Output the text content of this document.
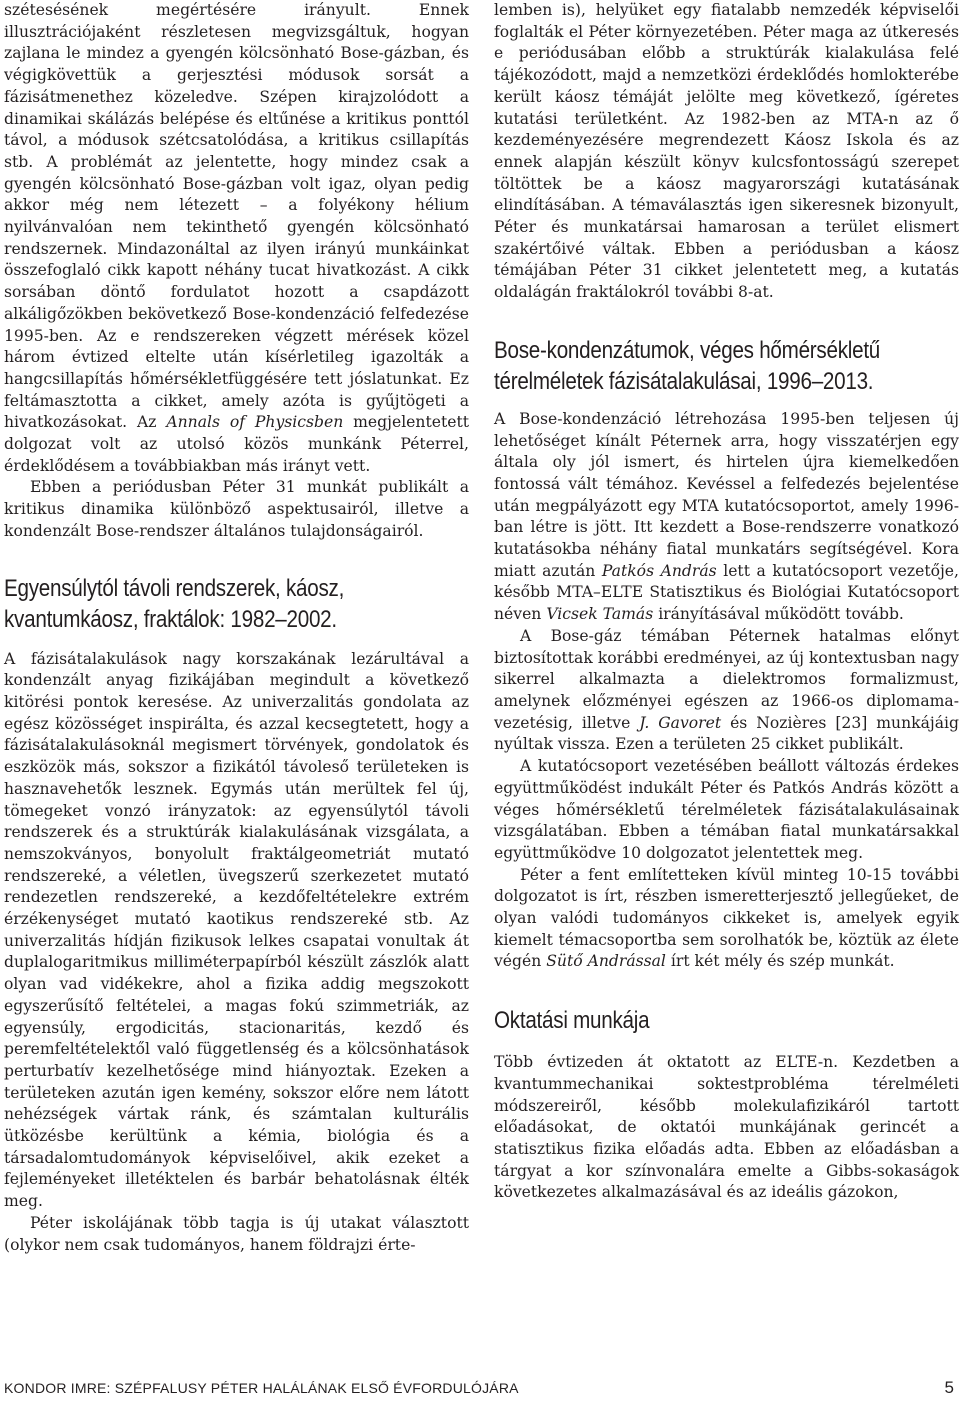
szétesésének megértésére irányult. Ennek illusztrációjaként részletesen megvizsgáltuk, hogyan zajlana le mindez a gyengén kölcsönható Bose-gázban, és végigkövettük a gerjesztési módusok sorsát a fázisátmenethez közeledve. Szépen kirajzolódott a dinamikai skálázás belépése és eltűnése a kritikus ponttól távol, a módusok szétcsatolódása, a kritikus csillapítás stb. A problémát az jelentette, hogy mindez csak a gyengén kölcsönható Bose-gázban volt igaz, olyan pedig akkor még nem létezett – a folyékony hélium nyilvánvalóan nem tekinthető gyengén kölcsönható rendszernek. Mindazonáltal az ilyen irányú munkáinkat összefoglaló cikk kapott néhány tucat hivatkozást. A cikk sorsában döntő fordulatot hozott a csapdázott alkáligőzökben bekövetkező Bose-kondenzáció felfedezése 1995-ben. Az e rendszereken végzett mérések közel három évtized eltelte után kísérletileg igazolták a hangcsillapítás hőmérsékletfüggésére tett jóslatunkat. Ez feltámasztotta a cikket, amely azóta is gyűjtögeti a hivatkozásokat. Az Annals of Physicsben megjelentetett dolgozat volt az utolsó közös munkánk Péterrel, érdeklődésem a továbbiakban más irányt vett.

Ebben a periódusban Péter 31 munkát publikált a kritikus dinamika különböző aspektusairól, illetve a kondenzált Bose-rendszer általános tulajdonságairól.

Egyensúlytól távoli rendszerek, káosz,
kvantumkáosz, fraktálok: 1982–2002.

A fázisátalakulások nagy korszakának lezárultával a kondenzált anyag fizikájában megindult a következő kitörési pontok keresése. Az univerzalitás gondolata az egész közösséget inspirálta, és azzal kecsegtetett, hogy a fázisátalakulásoknál megismert törvények, gondolatok és eszközök más, sokszor a fizikától távoleső területeken is hasznavehetők lesznek. Egymás után merültek fel új, tömegeket vonzó irányzatok: az egyensúlytól távoli rendszerek és a struktúrák kialakulásának vizsgálata, a nemszokványos, bonyolult fraktálgeometriát mutató rendszereké, a véletlen, üvegszerű szerkezetet mutató rendezetlen rendszereké, a kezdőfeltételekre extrém érzékenységet mutató kaotikus rendszereké stb. Az univerzalitás hídján fizikusok lelkes csapatai vonultak át duplalogaritmikus milliméterpapírból készült zászlók alatt olyan vad vidékekre, ahol a fizika addig megszokott egyszerűsítő feltételei, a magas fokú szimmetriák, az egyensúly, ergodicitás, stacionaritás, kezdő és peremfeltételektől való függetlenség és a kölcsönhatások perturbatív kezelhetősége mind hiányoztak. Ezeken a területeken azután igen kemény, sokszor előre nem látott nehézségek vártak ránk, és számtalan kulturális ütközésbe kerültünk a kémia, biológia és a társadalomtudományok képviselőivel, akik ezeket a fejleményeket illetéktelen és barbár behatolásnak élték meg.

Péter iskolájának több tagja is új utakat választott (olykor nem csak tudományos, hanem földrajzi érte-

lemben is), helyüket egy fiatalabb nemzedék képviselői foglalták el Péter környezetében. Péter maga az útkeresés e periódusában előbb a struktúrák kialakulása felé tájékozódott, majd a nemzetközi érdeklődés homlokterébe került káosz témáját jelölte meg következő, ígéretes kutatási területként. Az 1982-ben az MTA-n az ő kezdeményezésére megrendezett Káosz Iskola és az ennek alapján készült könyv kulcsfontosságú szerepet töltöttek be a káosz magyarországi kutatásának elindításában. A témaválasztás igen sikeresnek bizonyult, Péter és munkatársai hamarosan a terület elismert szakértőivé váltak. Ebben a periódusban a káosz témájában Péter 31 cikket jelentetett meg, a kutatás oldalágán fraktálokról további 8-at.

Bose-kondenzátumok, véges hőmérsékletű
térelméletek fázisátalakulásai, 1996–2013.

A Bose-kondenzáció létrehozása 1995-ben teljesen új lehetőséget kínált Péternek arra, hogy visszatérjen egy általa oly jól ismert, és hirtelen újra kiemelkedően fontossá vált témához. Kevéssel a felfedezés bejelentése után megpályázott egy MTA kutatócsoportot, amely 1996-ban létre is jött. Itt kezdett a Bose-rendszerre vonatkozó kutatásokba néhány fiatal munkatárs segítségével. Kora miatt azután Patkós András lett a kutatócsoport vezetője, később MTA–ELTE Statisztikus és Biológiai Kutatócsoport néven Vicsek Tamás irányításával működött tovább.

A Bose-gáz témában Péternek hatalmas előnyt biztosítottak korábbi eredményei, az új kontextusban nagy sikerrel alkalmazta a dielektromos formalizmust, amelynek előzményei egészen az 1966-os diplomama-vezetésig, illetve J. Gavoret és Nozières [23] munkájáig nyúltak vissza. Ezen a területen 25 cikket publikált.

A kutatócsoport vezetésében beállott változás érdekes együttműködést indukált Péter és Patkós András között a véges hőmérsékletű térelméletek fázisátalakulásainak vizsgálatában. Ebben a témában fiatal munkatársakkal együttműködve 10 dolgozatot jelentettek meg.

Péter a fent említetteken kívül minteg 10-15 további dolgozatot is írt, részben ismeretterjesztő jellegűeket, de olyan valódi tudományos cikkeket is, amelyek egyik kiemelt témacsoportba sem sorolhatók be, köztük az élete végén Sütő Andrással írt két mély és szép munkát.

Oktatási munkája

Több évtizeden át oktatott az ELTE-n. Kezdetben a kvantummechanikai soktestprobléma térelméleti módszereiről, később molekulafizikáról tartott előadásokat, de oktatói munkájának gerincét a statisztikus fizika előadás adta. Ebben az előadásban a tárgyat a kor színvonalára emelte a Gibbs-sokaságok következetes alkalmazásával és az ideális gázokon,

KONDOR IMRE: SZÉPFALUSY PÉTER HALÁLÁNAK ELSŐ ÉVFORDULÓJÁRA	5
